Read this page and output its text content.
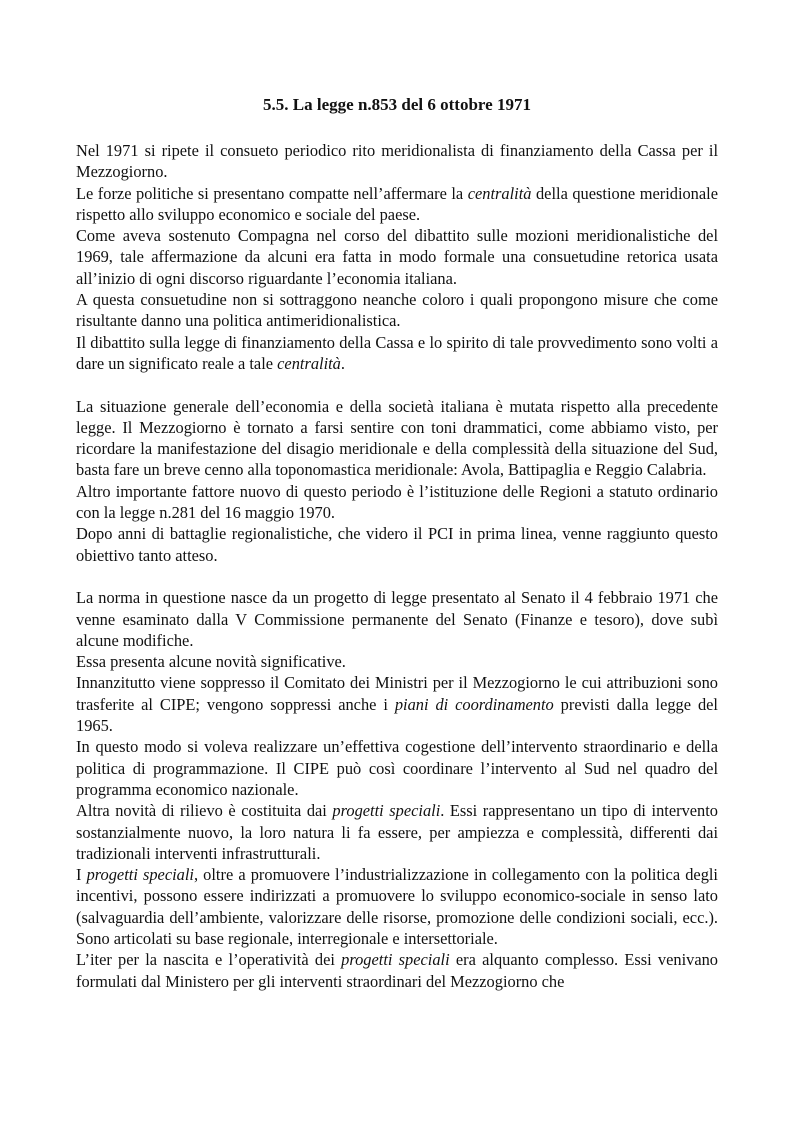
5.5. La legge n.853 del 6 ottobre 1971

Nel 1971 si ripete il consueto periodico rito meridionalista di finanziamento della Cassa per il Mezzogiorno.

Le forze politiche si presentano compatte nell’affermare la centralità della questione meridionale rispetto allo sviluppo economico e sociale del paese.

Come aveva sostenuto Compagna nel corso del dibattito sulle mozioni meridionalistiche del 1969, tale affermazione da alcuni era fatta in modo formale una consuetudine retorica usata all’inizio di ogni discorso riguardante l’economia italiana.

A questa consuetudine non si sottraggono neanche coloro i quali propongono misure che come risultante danno una politica antimeridionalistica.

Il dibattito sulla legge di finanziamento della Cassa e lo spirito di tale provvedimento sono volti a dare un significato reale a tale centralità.

La situazione generale dell’economia e della società italiana è mutata rispetto alla precedente legge. Il Mezzogiorno è tornato a farsi sentire con toni drammatici, come abbiamo visto, per ricordare la manifestazione del disagio meridionale e della complessità della situazione del Sud, basta fare un breve cenno alla toponomastica meridionale: Avola, Battipaglia e Reggio Calabria.

Altro importante fattore nuovo di questo periodo è l’istituzione delle Regioni a statuto ordinario con la legge n.281 del 16 maggio 1970.

Dopo anni di battaglie regionalistiche, che videro il PCI in prima linea, venne raggiunto questo obiettivo tanto atteso.

La norma in questione nasce da un progetto di legge presentato al Senato il 4 febbraio 1971 che venne esaminato dalla V Commissione permanente del Senato (Finanze e tesoro), dove subì alcune modifiche.

Essa presenta alcune novità significative.

Innanzitutto viene soppresso il Comitato dei Ministri per il Mezzogiorno le cui attribuzioni sono trasferite al CIPE; vengono soppressi anche i piani di coordinamento previsti dalla legge del 1965.

In questo modo si voleva realizzare un’effettiva cogestione dell’intervento straordinario e della politica di programmazione. Il CIPE può così coordinare l’intervento al Sud nel quadro del programma economico nazionale.

Altra novità di rilievo è costituita dai progetti speciali. Essi rappresentano un tipo di intervento sostanzialmente nuovo, la loro natura li fa essere, per ampiezza e complessità, differenti dai tradizionali interventi infrastrutturali.

I progetti speciali, oltre a promuovere l’industrializzazione in collegamento con la politica degli incentivi, possono essere indirizzati a promuovere lo sviluppo economico-sociale in senso lato (salvaguardia dell’ambiente, valorizzare delle risorse, promozione delle condizioni sociali, ecc.). Sono articolati su base regionale, interregionale e intersettoriale.

L’iter per la nascita e l’operatività dei progetti speciali era alquanto complesso. Essi venivano formulati dal Ministero per gli interventi straordinari del Mezzogiorno che
